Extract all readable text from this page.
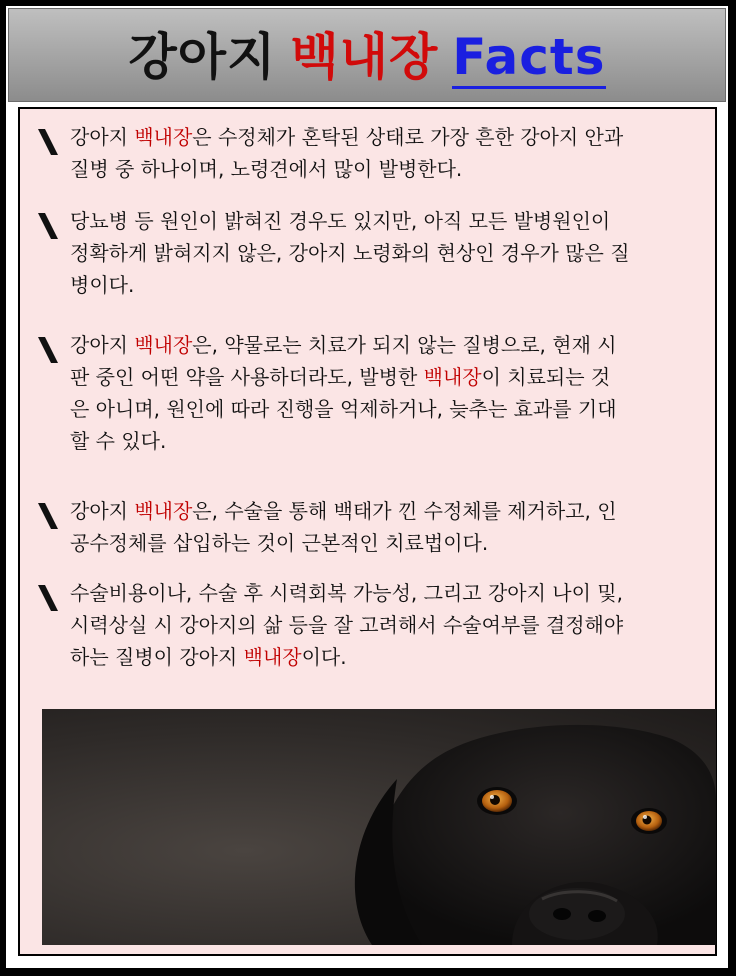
강아지 백내장 Facts
강아지 백내장은 수정체가 혼탁된 상태로 가장 흔한 강아지 안과
질병 중 하나이며, 노령견에서 많이 발병한다.
당뇨병 등 원인이 밝혀진 경우도 있지만, 아직 모든 발병원인이
정확하게 밝혀지지 않은, 강아지 노령화의 현상인 경우가 많은 질
병이다.
강아지 백내장은, 약물로는 치료가 되지 않는 질병으로, 현재 시
판 중인 어떤 약을 사용하더라도, 발병한 백내장이 치료되는 것
은 아니며, 원인에 따라 진행을 억제하거나, 늦추는 효과를 기대
할 수 있다.
강아지 백내장은, 수술을 통해 백태가 낀 수정체를 제거하고, 인
공수정체를 삽입하는 것이 근본적인 치료법이다.
수술비용이나, 수술 후 시력회복 가능성, 그리고 강아지 나이 및,
시력상실 시 강아지의 삶 등을 잘 고려해서 수술여부를 결정해야
하는 질병이 강아지 백내장이다.
